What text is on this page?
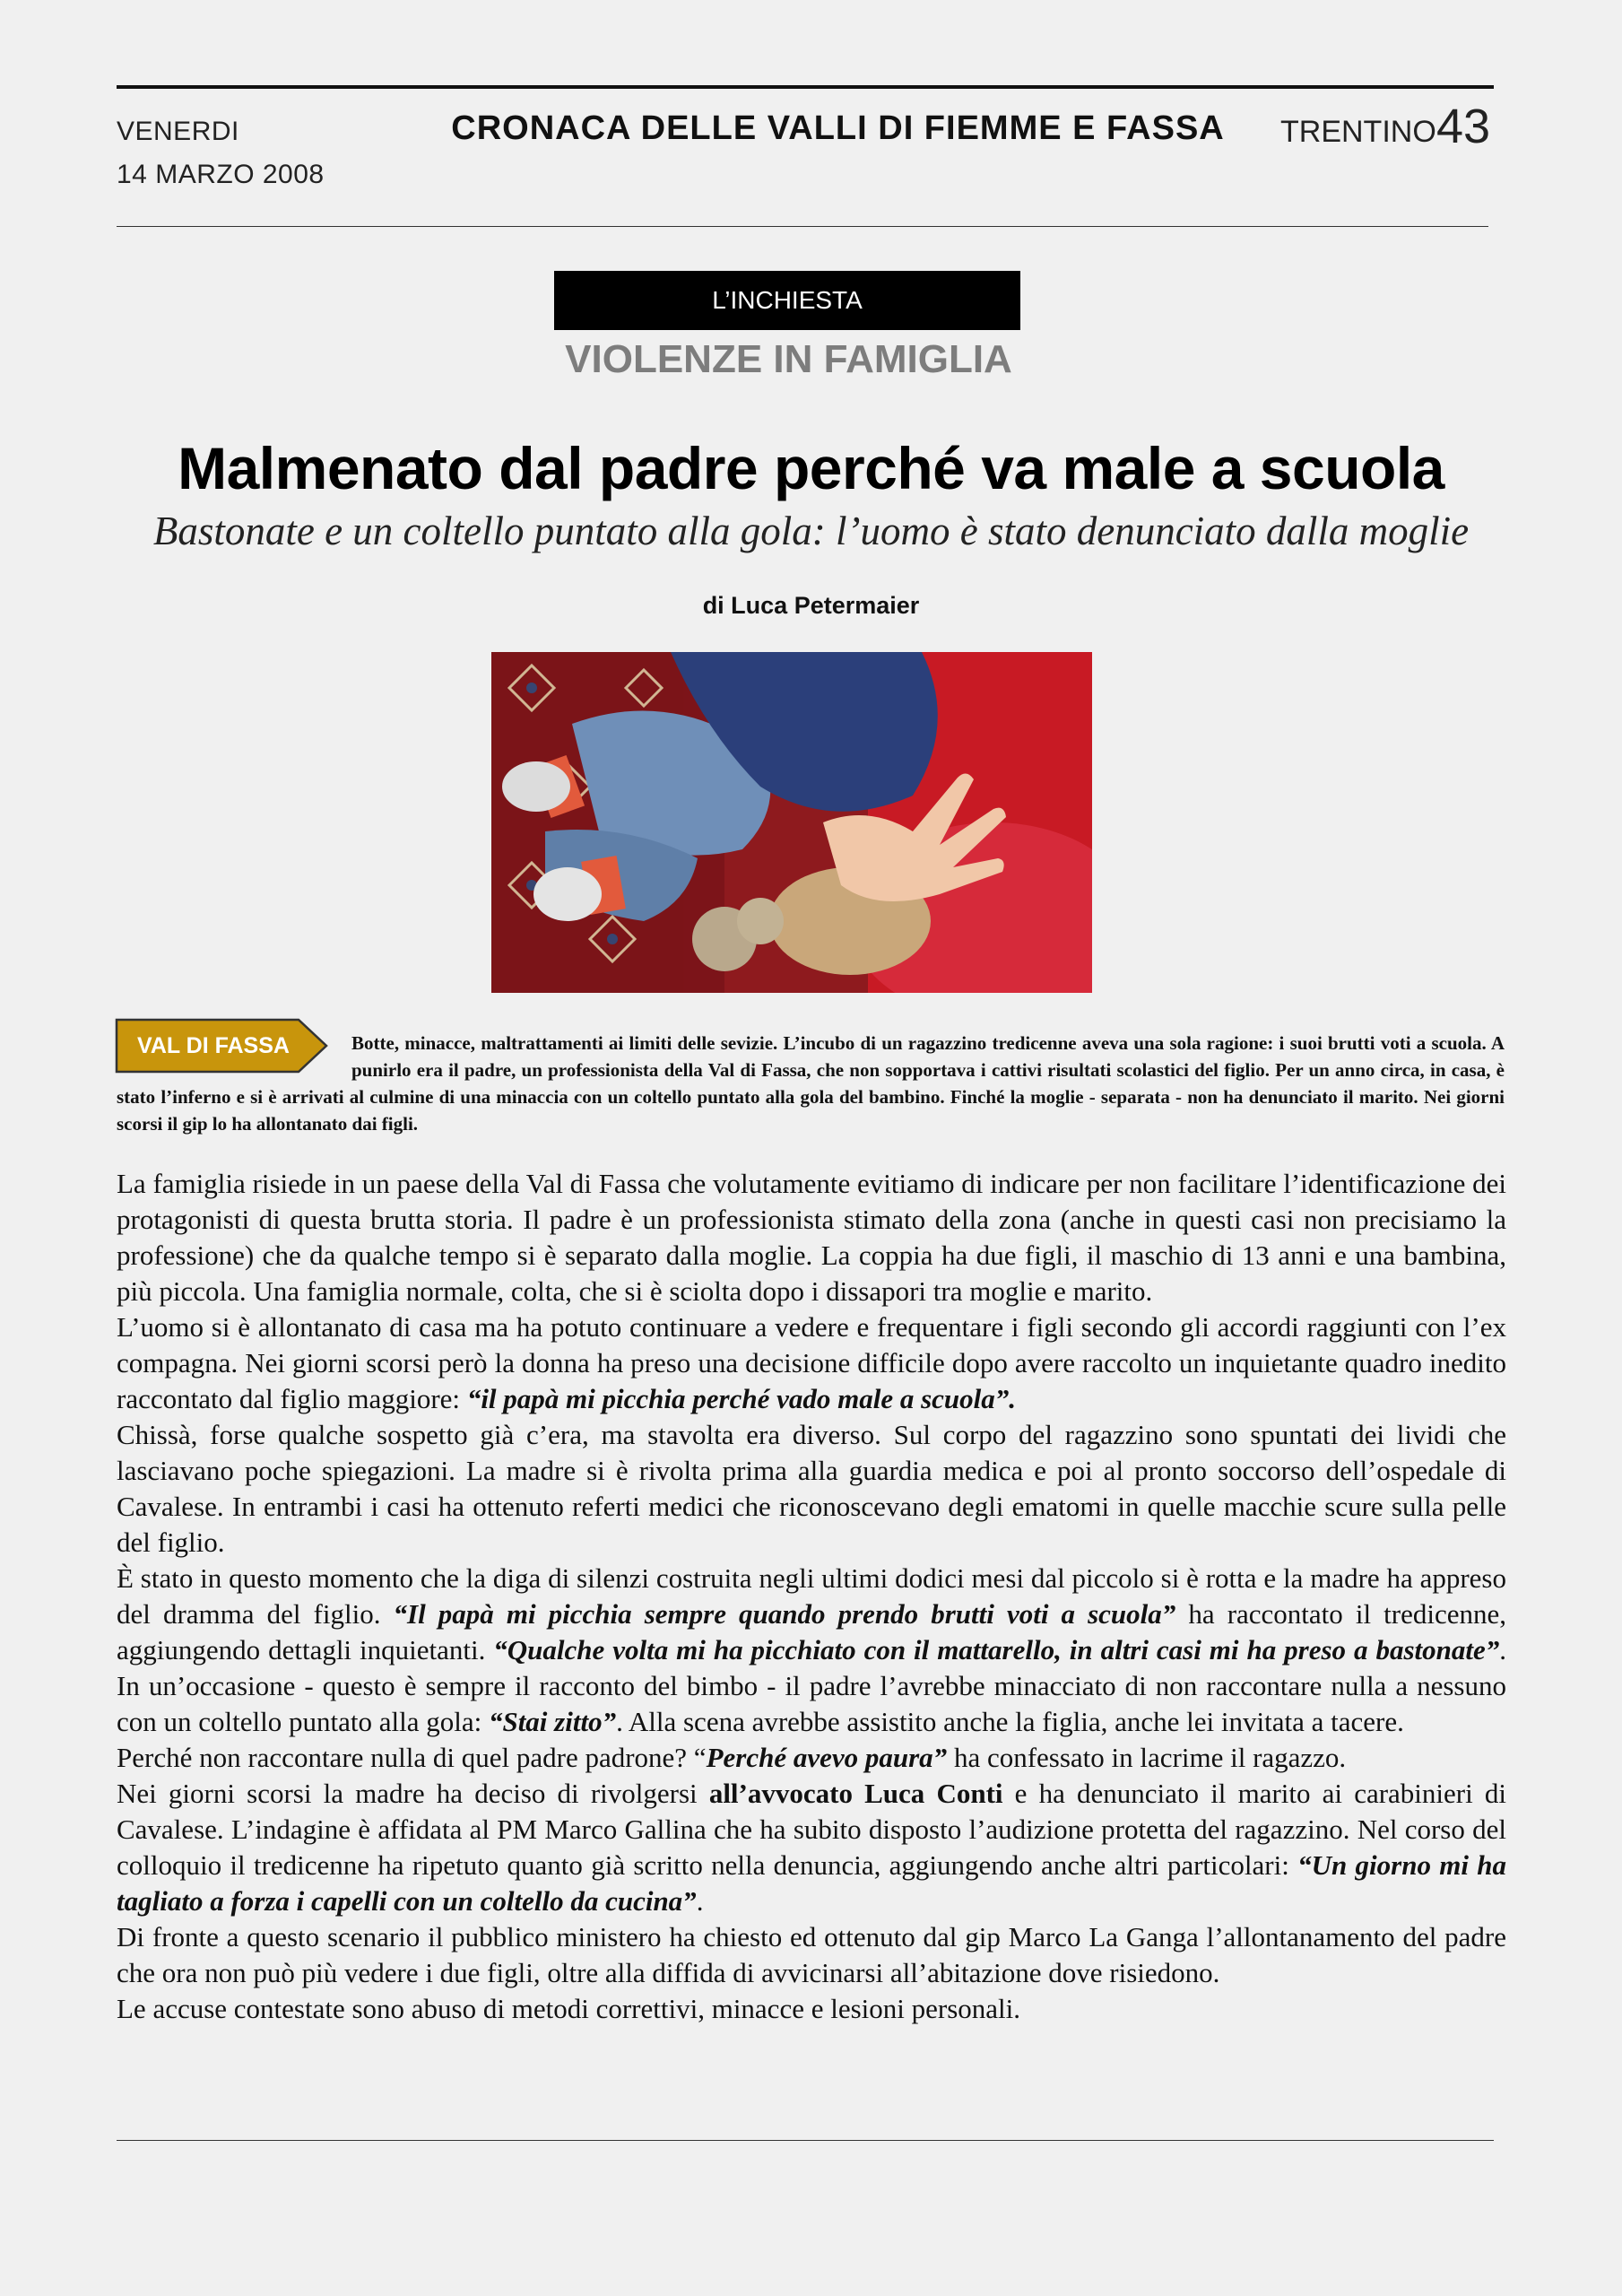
VENERDI
14 MARZO 2008
CRONACA DELLE VALLI DI FIEMME E FASSA	TRENTINO 43
L’INCHIESTA
VIOLENZE IN FAMIGLIA
Malmenato dal padre perché va male a scuola
Bastonate e un coltello puntato alla gola: l’uomo è stato denunciato dalla moglie
di Luca Petermaier
VAL DI FASSA	Botte, minacce, maltrattamenti ai limiti delle sevizie. L’incubo di un ragazzino tredicenne aveva una sola ragione: i suoi brutti voti a scuola. A punirlo era il padre, un professionista della Val di Fassa, che non sopportava i cattivi risultati scolastici del figlio. Per un anno circa, in casa, è stato l’inferno e si è arrivati al culmine di una minaccia con un coltello puntato alla gola del bambino. Finché la moglie - separata - non ha denunciato il marito. Nei giorni scorsi il gip lo ha allontanato dai figli.

La famiglia risiede in un paese della Val di Fassa che volutamente evitiamo di indicare per non facilitare l’identificazione dei protagonisti di questa brutta storia. Il padre è un professionista stimato della zona (anche in questi casi non precisiamo la professione) che da qualche tempo si è separato dalla moglie. La coppia ha due figli, il maschio di 13 anni e una bambina, più piccola. Una famiglia normale, colta, che si è sciolta dopo i dissapori tra moglie e marito.

L’uomo si è allontanato di casa ma ha potuto continuare a vedere e frequentare i figli secondo gli accordi raggiunti con l’ex compagna. Nei giorni scorsi però la donna ha preso una decisione difficile dopo avere raccolto un inquietante quadro inedito raccontato dal figlio maggiore: “il papà mi picchia perché vado male a scuola”.

Chissà, forse qualche sospetto già c’era, ma stavolta era diverso. Sul corpo del ragazzino sono spuntati dei lividi che lasciavano poche spiegazioni. La madre si è rivolta prima alla guardia medica e poi al pronto soccorso dell’ospedale di Cavalese. In entrambi i casi ha ottenuto referti medici che riconoscevano degli ematomi in quelle macchie scure sulla pelle del figlio.

È stato in questo momento che la diga di silenzi costruita negli ultimi dodici mesi dal piccolo si è rotta e la madre ha appreso del dramma del figlio. “Il papà mi picchia sempre quando prendo brutti voti a scuola” ha raccontato il tredicenne, aggiungendo dettagli inquietanti. “Qualche volta mi ha picchiato con il mattarello, in altri casi mi ha preso a bastonate”. In un’occasione - questo è sempre il racconto del bimbo - il padre l’avrebbe minacciato di non raccontare nulla a nessuno con un coltello puntato alla gola: “Stai zitto”. Alla scena avrebbe assistito anche la figlia, anche lei invitata a tacere.

Perché non raccontare nulla di quel padre padrone? “Perché avevo paura” ha confessato in lacrime il ragazzo.

Nei giorni scorsi la madre ha deciso di rivolgersi all’avvocato Luca Conti e ha denunciato il marito ai carabinieri di Cavalese. L’indagine è affidata al PM Marco Gallina che ha subito disposto l’audizione protetta del ragazzino. Nel corso del colloquio il tredicenne ha ripetuto quanto già scritto nella denuncia, aggiungendo anche altri particolari: “Un giorno mi ha tagliato a forza i capelli con un coltello da cucina”.

Di fronte a questo scenario il pubblico ministero ha chiesto ed ottenuto dal gip Marco La Ganga l’allontanamento del padre che ora non può più vedere i due figli, oltre alla diffida di avvicinarsi all’abitazione dove risiedono.

Le accuse contestate sono abuso di metodi correttivi, minacce e lesioni personali.
